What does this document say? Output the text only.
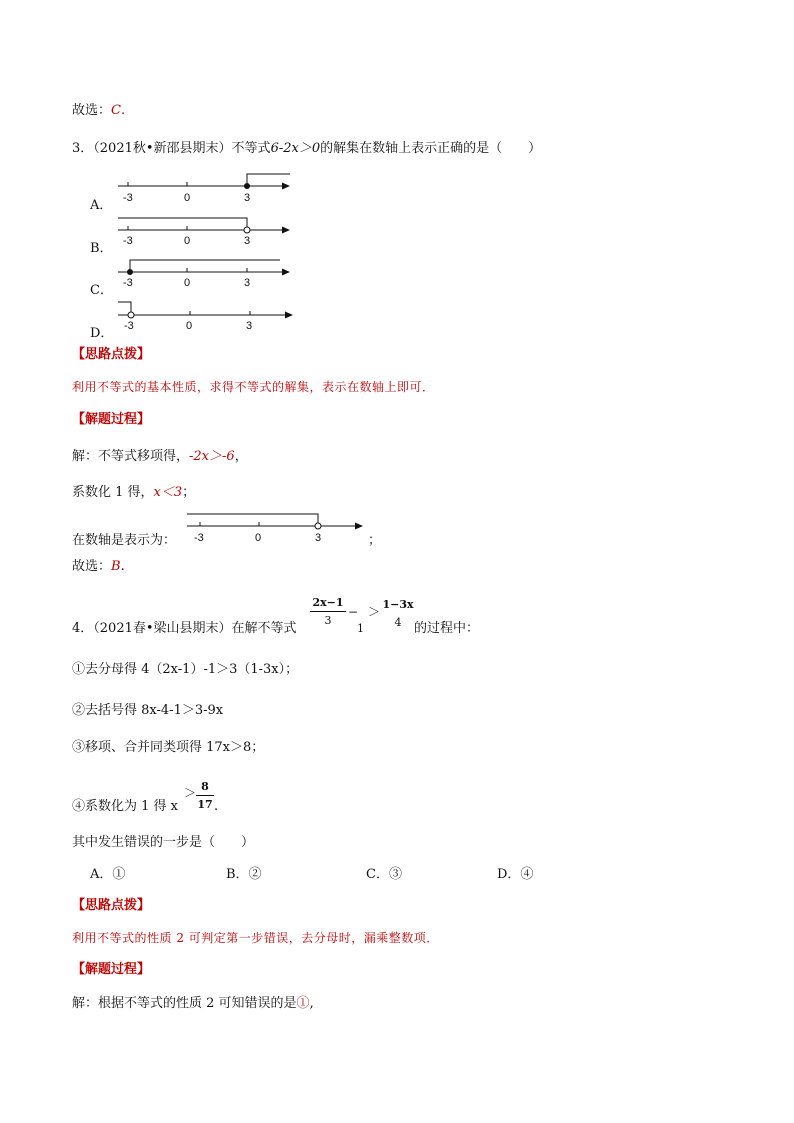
故选：C.
3．（2021秋•新邵县期末）不等式6-2x＞0的解集在数轴上表示正确的是（　　）
A．
B．
C．
D．
-3	0	3
-3	0	3
-3	0	3
-3	0	3
-3	0	3
【思路点拨】
利用不等式的基本性质，求得不等式的解集，表示在数轴上即可．
【解题过程】
解：不等式移项得，-2x＞-6，
系数化 1 得，x＜3；
在数轴是表示为：	；
故选：B.
4．（2021春•梁山县期末）在解不等式
2x−1
3
−
1
＞
1−3x
4 的过程中：
①去分母得 4（2x-1）-1＞3（1-3x）；
②去括号得 8x-4-1＞3-9x
③移项、合并同类项得 17x＞8；
④系数化为 1 得 x
＞ 8
17 .
其中发生错误的一步是（　　）
A．①	B．②	C．③	D．④
【思路点拨】
利用不等式的性质 2 可判定第一步错误，去分母时，漏乘整数项．
【解题过程】
解：根据不等式的性质 2 可知错误的是①,
